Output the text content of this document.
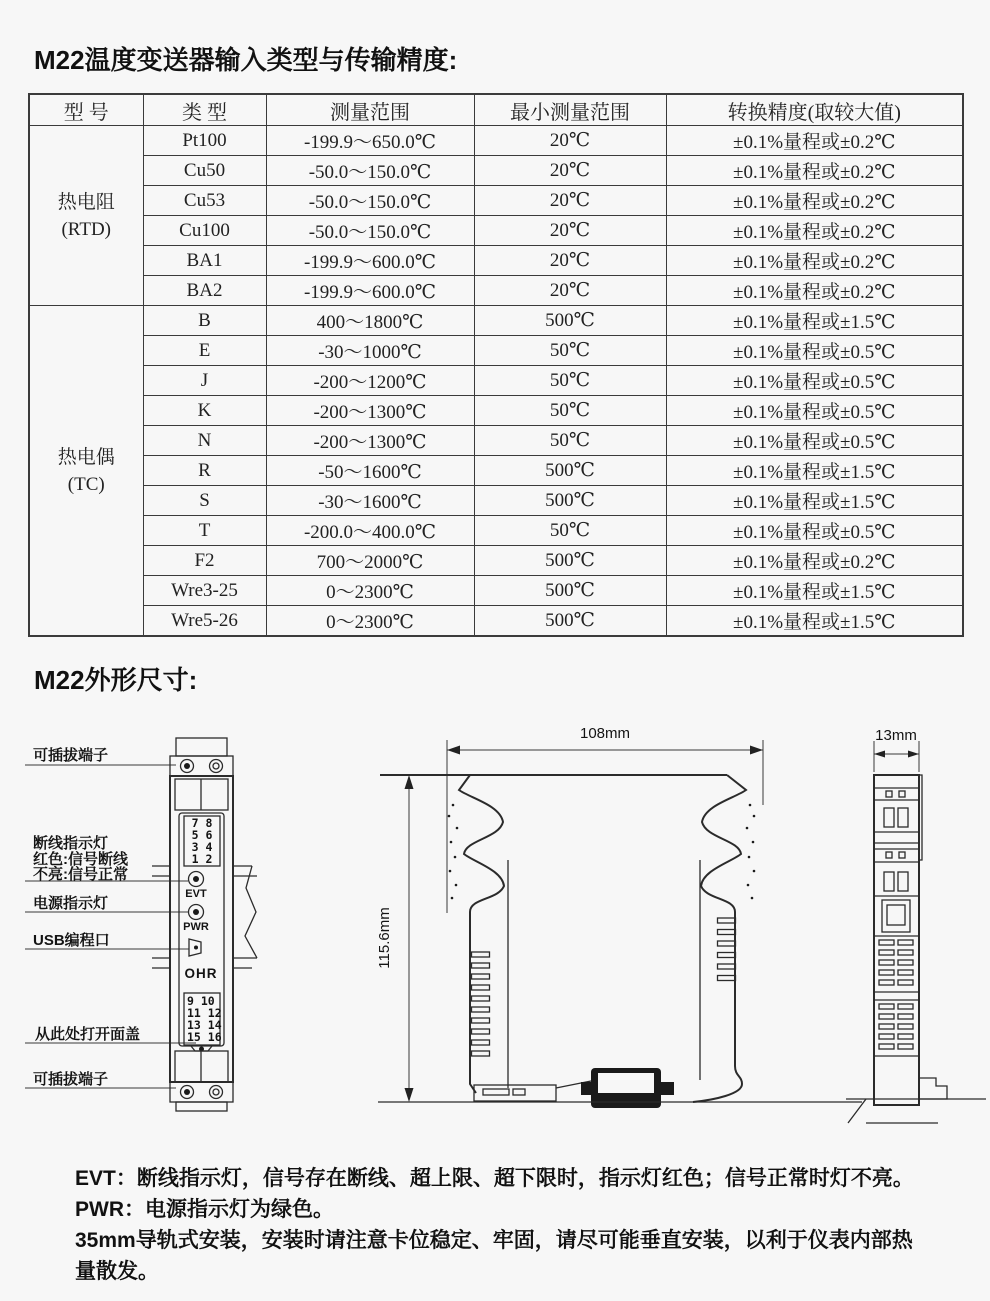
M22温度变送器输入类型与传输精度:
型 号	类 型	测量范围	最小测量范围	转换精度(取较大值)

热电阻
(RTD)	Pt100	-199.9～650.0℃	20℃	±0.1%量程或±0.2℃
	Cu50	-50.0～150.0℃	20℃	±0.1%量程或±0.2℃
	Cu53	-50.0～150.0℃	20℃	±0.1%量程或±0.2℃
	Cu100	-50.0～150.0℃	20℃	±0.1%量程或±0.2℃
	BA1	-199.9～600.0℃	20℃	±0.1%量程或±0.2℃
	BA2	-199.9～600.0℃	20℃	±0.1%量程或±0.2℃

热电偶
(TC)	B	400～1800℃	500℃	±0.1%量程或±1.5℃
	E	-30～1000℃	50℃	±0.1%量程或±0.5℃
	J	-200～1200℃	50℃	±0.1%量程或±0.5℃
	K	-200～1300℃	50℃	±0.1%量程或±0.5℃
	N	-200～1300℃	50℃	±0.1%量程或±0.5℃
	R	-50～1600℃	500℃	±0.1%量程或±1.5℃
	S	-30～1600℃	500℃	±0.1%量程或±1.5℃
	T	-200.0～400.0℃	50℃	±0.1%量程或±0.5℃
	F2	700～2000℃	500℃	±0.1%量程或±0.2℃
	Wre3-25	0～2300℃	500℃	±0.1%量程或±1.5℃
	Wre5-26	0～2300℃	500℃	±0.1%量程或±1.5℃
M22外形尺寸:
可插拔端子
断线指示灯
红色:信号断线
不亮:信号正常
电源指示灯
USB编程口
从此处打开面盖
可插拔端子
7 8
5 6
3 4
1 2
EVT
PWR
OHR
9 10
11 12
13 14
15 16
108mm
115.6mm
13mm
EVT：断线指示灯，信号存在断线、超上限、超下限时，指示灯红色；信号正常时灯不亮。
PWR：电源指示灯为绿色。
35mm导轨式安装，安装时请注意卡位稳定、牢固，请尽可能垂直安装，以利于仪表内部热
量散发。
